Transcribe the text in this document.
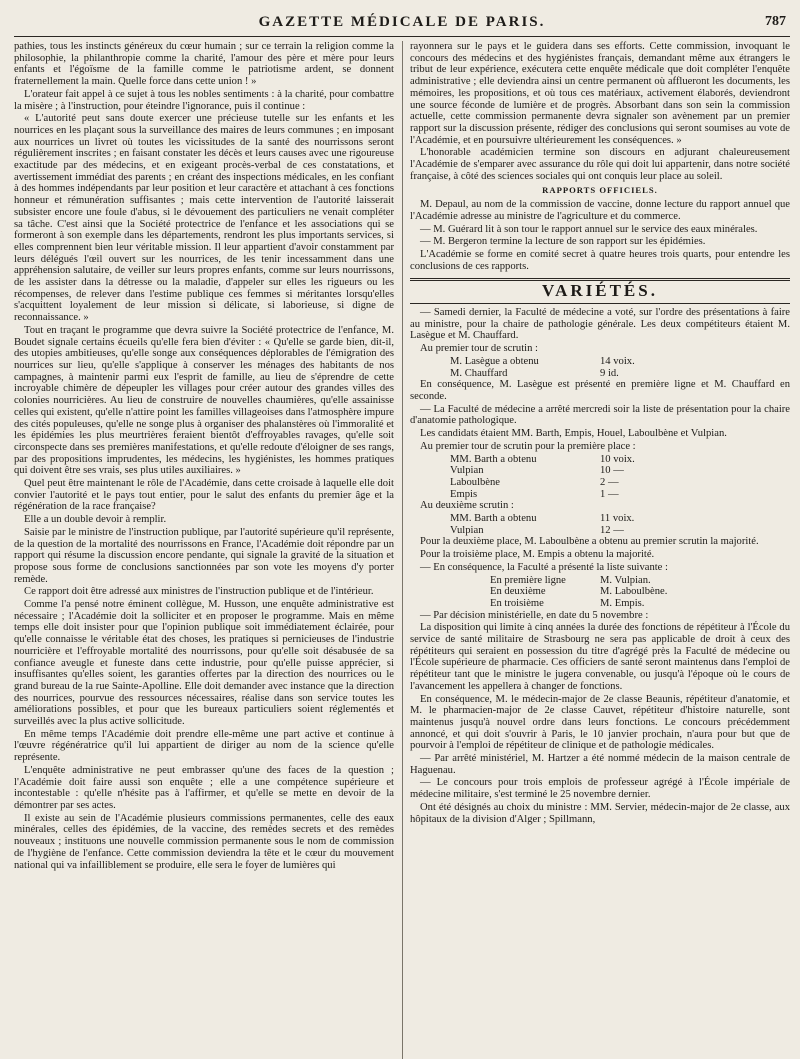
GAZETTE MÉDICALE DE PARIS.	787

pathies, tous les instincts généreux du cœur humain ; sur ce terrain la religion comme la philosophie, la philanthropie comme la charité, l'amour des père et mère pour leurs enfants et l'égoïsme de la famille comme le patriotisme ardent, se donnent fraternellement la main. Quelle force dans cette union ! »

L'orateur fait appel à ce sujet à tous les nobles sentiments : à la charité, pour combattre la misère ; à l'instruction, pour éteindre l'ignorance, puis il continue :

« L'autorité peut sans doute exercer une précieuse tutelle sur les enfants et les nourrices en les plaçant sous la surveillance des maires de leurs communes ; en imposant aux nourrices un livret où toutes les vicissitudes de la santé des nourrissons seront régulièrement inscrites ; en faisant constater les décès et leurs causes avec une rigoureuse exactitude par des médecins, et en exigeant procès-verbal de ces constatations, et avertissement immédiat des parents ; en créant des inspections médicales, en les confiant à des hommes indépendants par leur position et leur caractère et attachant à ces fonctions honneur et rémunération suffisantes ; mais cette intervention de l'autorité laisserait subsister encore une foule d'abus, si le dévouement des particuliers ne venait compléter sa tâche. C'est ainsi que la Société protectrice de l'enfance et les associations qui se formeront à son exemple dans les départements, rendront les plus importants services, si elles comprennent bien leur véritable mission. Il leur appartient d'avoir constamment par leurs délégués l'œil ouvert sur les nourrices, de les tenir incessamment dans une appréhension salutaire, de veiller sur leurs propres enfants, comme sur leurs nourrissons, de les assister dans la détresse ou la maladie, d'appeler sur elles les rigueurs ou les récompenses, de relever dans l'estime publique ces femmes si méritantes lorsqu'elles s'acquittent loyalement de leur mission si délicate, si laborieuse, si digne de reconnaissance. »

Tout en traçant le programme que devra suivre la Société protectrice de l'enfance, M. Boudet signale certains écueils qu'elle fera bien d'éviter : « Qu'elle se garde bien, dit-il, des utopies ambitieuses, qu'elle songe aux conséquences déplorables de l'émigration des nourrices sur lieu, qu'elle s'applique à conserver les ménages des habitants de nos campagnes, à maintenir parmi eux l'esprit de famille, au lieu de s'éprendre de cette incroyable chimère de dépeupler les villages pour créer autour des grandes villes des colonies nourricières. Au lieu de construire de nouvelles chaumières, qu'elle assainisse celles qui existent, qu'elle n'attire point les familles villageoises dans l'atmosphère impure des cités populeuses, qu'elle ne songe plus à organiser des phalanstères où l'immoralité et les épidémies les plus meurtrières feraient bientôt d'effroyables ravages, qu'elle soit circonspecte dans ses premières manifestations, et qu'elle redoute d'éloigner de ses rangs, par des propositions imprudentes, les médecins, les hygiénistes, les hommes pratiques qui doivent être ses vrais, ses plus utiles auxiliaires. »

Quel peut être maintenant le rôle de l'Académie, dans cette croisade à laquelle elle doit convier l'autorité et le pays tout entier, pour le salut des enfants du premier âge et la régénération de la race française?

Elle a un double devoir à remplir.

Saisie par le ministre de l'instruction publique, par l'autorité supérieure qu'il représente, de la question de la mortalité des nourrissons en France, l'Académie doit répondre par un rapport qui résume la discussion encore pendante, qui signale la gravité de la situation et propose sous forme de conclusions sanctionnées par son vote les moyens d'y porter remède.

Ce rapport doit être adressé aux ministres de l'instruction publique et de l'intérieur.

Comme l'a pensé notre éminent collègue, M. Husson, une enquête administrative est nécessaire ; l'Académie doit la solliciter et en proposer le programme. Mais en même temps elle doit insister pour que l'opinion publique soit immédiatement éclairée, pour qu'elle connaisse le véritable état des choses, les pratiques si pernicieuses de l'industrie nourricière et l'effroyable mortalité des nourrissons, pour qu'elle soit désabusée de sa confiance aveugle et funeste dans cette industrie, pour qu'elle puisse apprécier, si insuffisantes qu'elles soient, les garanties offertes par la direction des nourrices ou le grand bureau de la rue Sainte-Apolline. Elle doit demander avec instance que la direction des nourrices, pourvue des ressources nécessaires, réalise dans son service toutes les améliorations possibles, et pour que les bureaux particuliers soient réglementés et surveillés avec la plus active sollicitude.

En même temps l'Académie doit prendre elle-même une part active et continue à l'œuvre régénératrice qu'il lui appartient de diriger au nom de la science qu'elle représente.

L'enquête administrative ne peut embrasser qu'une des faces de la question ; l'Académie doit faire aussi son enquête ; elle a une compétence supérieure et incontestable : qu'elle n'hésite pas à l'affirmer, et qu'elle se mette en devoir de la démontrer par ses actes.

Il existe au sein de l'Académie plusieurs commissions permanentes, celle des eaux minérales, celles des épidémies, de la vaccine, des remèdes secrets et des remèdes nouveaux ; instituons une nouvelle commission permanente sous le nom de commission de l'hygiène de l'enfance. Cette commission deviendra la tête et le cœur du mouvement national qui va infailliblement se produire, elle sera le foyer de lumières qui

rayonnera sur le pays et le guidera dans ses efforts. Cette commission, invoquant le concours des médecins et des hygiénistes français, demandant même aux étrangers le tribut de leur expérience, exécutera cette enquête médicale que doit compléter l'enquête administrative ; elle deviendra ainsi un centre permanent où afflueront les documents, les mémoires, les propositions, et où tous ces matériaux, activement élaborés, deviendront une source féconde de lumière et de progrès. Absorbant dans son sein la commission actuelle, cette commission permanente devra signaler son avènement par un premier rapport sur la discussion présente, rédiger des conclusions qui seront soumises au vote de l'Académie, et en poursuivre ultérieurement les conséquences. »

L'honorable académicien termine son discours en adjurant chaleureusement l'Académie de s'emparer avec assurance du rôle qui doit lui appartenir, dans notre société française, à côté des sciences sociales qui ont conquis leur place au soleil.

RAPPORTS OFFICIELS.

M. Depaul, au nom de la commission de vaccine, donne lecture du rapport annuel que l'Académie adresse au ministre de l'agriculture et du commerce.

— M. Guérard lit à son tour le rapport annuel sur le service des eaux minérales.

— M. Bergeron termine la lecture de son rapport sur les épidémies.

L'Académie se forme en comité secret à quatre heures trois quarts, pour entendre les conclusions de ces rapports.

VARIÉTÉS.

— Samedi dernier, la Faculté de médecine a voté, sur l'ordre des présentations à faire au ministre, pour la chaire de pathologie générale. Les deux compétiteurs étaient M. Lasègue et M. Chauffard.

Au premier tour de scrutin :

M. Lasègue a obtenu	14 voix.
M. Chauffard	9 id.

En conséquence, M. Lasègue est présenté en première ligne et M. Chauffard en seconde.

— La Faculté de médecine a arrêté mercredi soir la liste de présentation pour la chaire d'anatomie pathologique.

Les candidats étaient MM. Barth, Empis, Houel, Laboulbène et Vulpian.

Au premier tour de scrutin pour la première place :

MM. Barth a obtenu	10 voix.
Vulpian	10 —
Laboulbène	2 —
Empis	1 —

Au deuxième scrutin :

MM. Barth a obtenu	11 voix.
Vulpian	12 —

Pour la deuxième place, M. Laboulbène a obtenu au premier scrutin la majorité.

Pour la troisième place, M. Empis a obtenu la majorité.

— En conséquence, la Faculté a présenté la liste suivante :

En première ligne	M. Vulpian.
En deuxième	M. Laboulbène.
En troisième	M. Empis.

— Par décision ministérielle, en date du 5 novembre :

La disposition qui limite à cinq années la durée des fonctions de répétiteur à l'École du service de santé militaire de Strasbourg ne sera pas applicable de droit à ceux des répétiteurs qui seraient en possession du titre d'agrégé près la Faculté de médecine ou l'École supérieure de pharmacie. Ces officiers de santé seront maintenus dans l'emploi de répétiteur tant que le ministre le jugera convenable, ou jusqu'à l'époque où le cours de l'avancement les appellera à changer de fonctions.

En conséquence, M. le médecin-major de 2e classe Beaunis, répétiteur d'anatomie, et M. le pharmacien-major de 2e classe Cauvet, répétiteur d'histoire naturelle, sont maintenus jusqu'à nouvel ordre dans leurs fonctions. Le concours précédemment annoncé, et qui doit s'ouvrir à Paris, le 10 janvier prochain, n'aura pour but que de pourvoir à l'emploi de répétiteur de clinique et de pathologie médicales.

— Par arrêté ministériel, M. Hartzer a été nommé médecin de la maison centrale de Haguenau.

— Le concours pour trois emplois de professeur agrégé à l'École impériale de médecine militaire, s'est terminé le 25 novembre dernier.

Ont été désignés au choix du ministre : MM. Servier, médecin-major de 2e classe, aux hôpitaux de la division d'Alger ; Spillmann,
